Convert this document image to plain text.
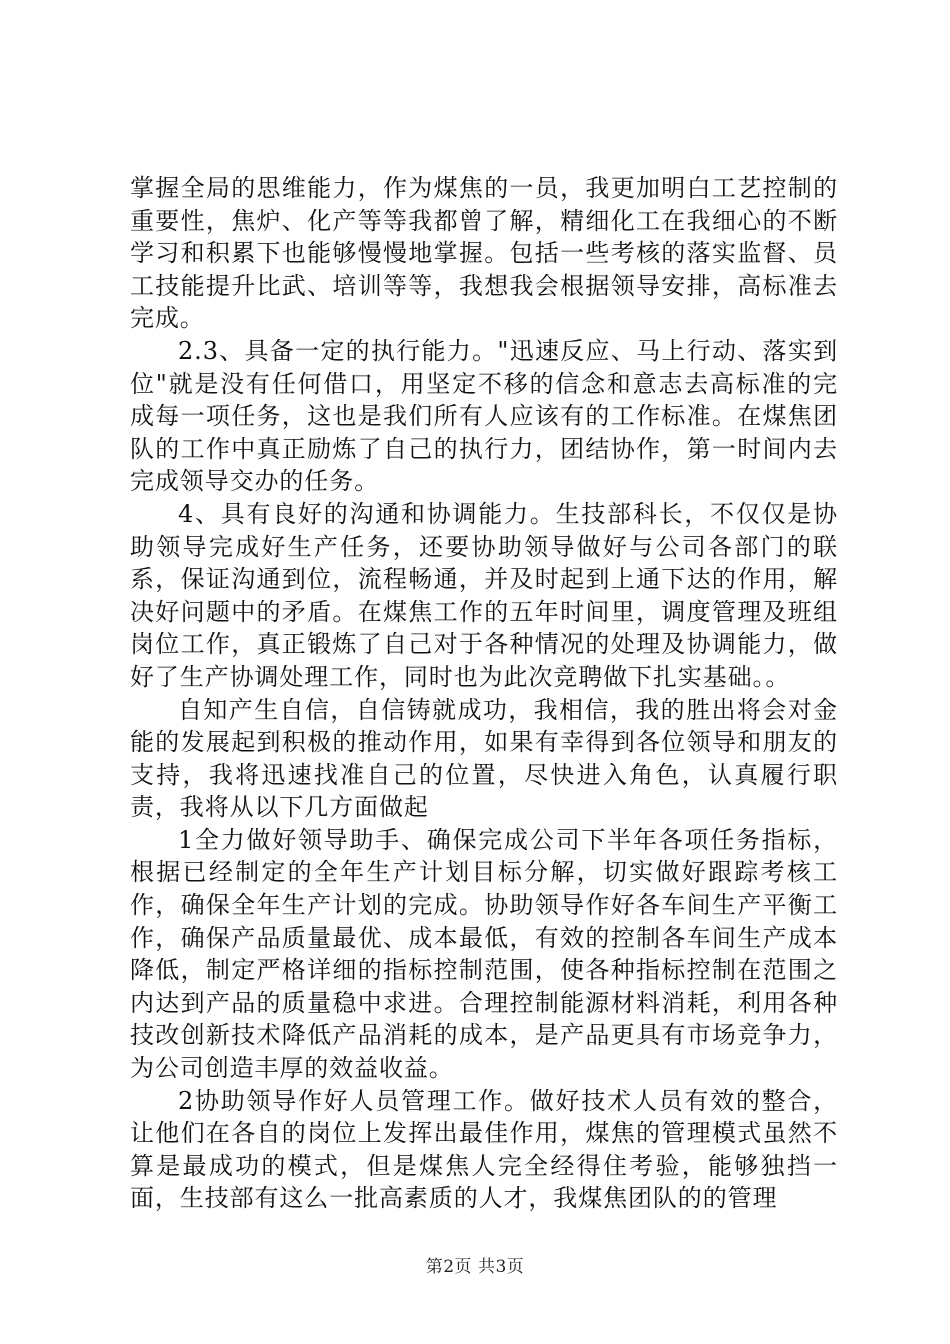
掌握全局的思维能力，作为煤焦的一员，我更加明白工艺控制的重要性，焦炉、化产等等我都曾了解，精细化工在我细心的不断学习和积累下也能够慢慢地掌握。包括一些考核的落实监督、员工技能提升比武、培训等等，我想我会根据领导安排，高标准去完成。

2.3、具备一定的执行能力。"迅速反应、马上行动、落实到位"就是没有任何借口，用坚定不移的信念和意志去高标准的完成每一项任务，这也是我们所有人应该有的工作标准。在煤焦团队的工作中真正励炼了自己的执行力，团结协作，第一时间内去完成领导交办的任务。

4、具有良好的沟通和协调能力。生技部科长，不仅仅是协助领导完成好生产任务，还要协助领导做好与公司各部门的联系，保证沟通到位，流程畅通，并及时起到上通下达的作用，解决好问题中的矛盾。在煤焦工作的五年时间里，调度管理及班组岗位工作，真正锻炼了自己对于各种情况的处理及协调能力，做好了生产协调处理工作，同时也为此次竞聘做下扎实基础。。

自知产生自信，自信铸就成功，我相信，我的胜出将会对金能的发展起到积极的推动作用，如果有幸得到各位领导和朋友的支持，我将迅速找准自己的位置，尽快进入角色，认真履行职责，我将从以下几方面做起

1全力做好领导助手、确保完成公司下半年各项任务指标，根据已经制定的全年生产计划目标分解，切实做好跟踪考核工作，确保全年生产计划的完成。协助领导作好各车间生产平衡工作，确保产品质量最优、成本最低，有效的控制各车间生产成本降低，制定严格详细的指标控制范围，使各种指标控制在范围之内达到产品的质量稳中求进。合理控制能源材料消耗，利用各种技改创新技术降低产品消耗的成本，是产品更具有市场竞争力，为公司创造丰厚的效益收益。

2协助领导作好人员管理工作。做好技术人员有效的整合，让他们在各自的岗位上发挥出最佳作用，煤焦的管理模式虽然不算是最成功的模式，但是煤焦人完全经得住考验，能够独挡一面，生技部有这么一批高素质的人才，我煤焦团队的的管理

第2页 共3页
